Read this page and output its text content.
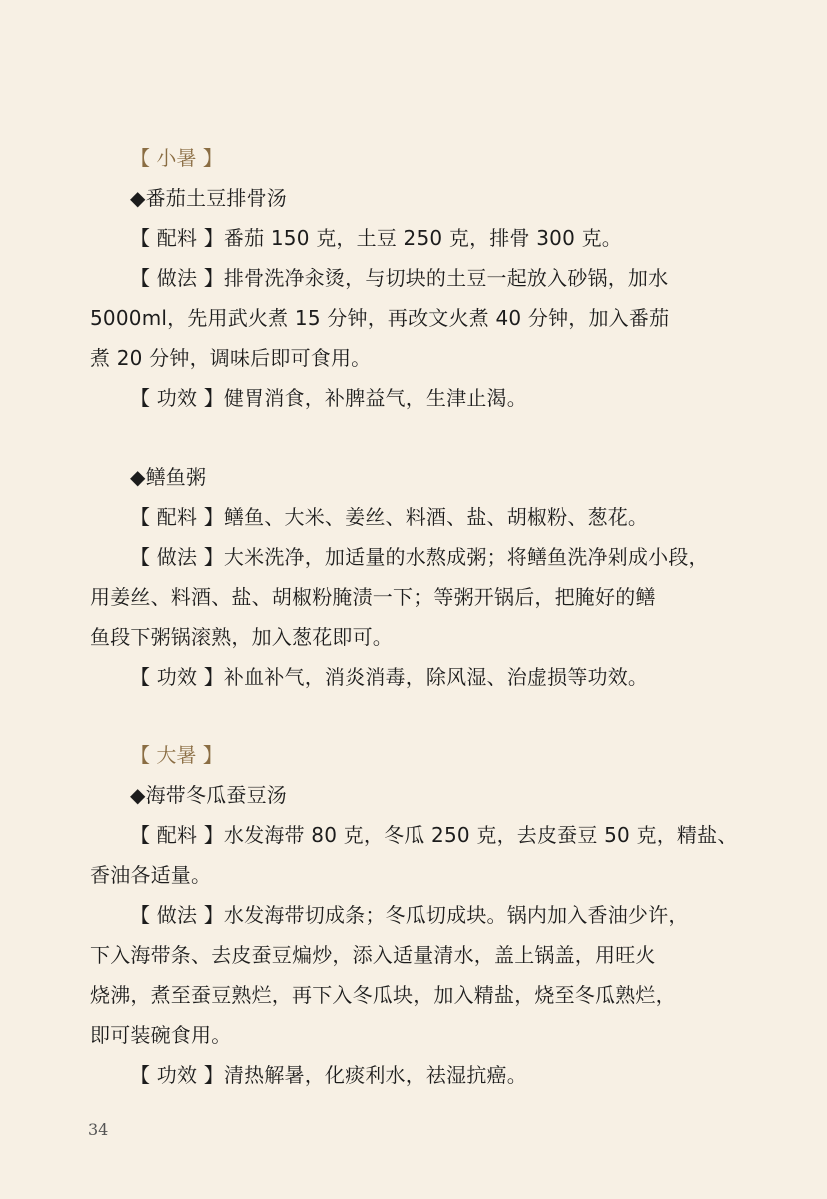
【 小暑 】
◆番茄土豆排骨汤
【 配料 】番茄 150 克，土豆 250 克，排骨 300 克。
【 做法 】排骨洗净汆烫，与切块的土豆一起放入砂锅，加水
5000ml，先用武火煮 15 分钟，再改文火煮 40 分钟，加入番茄
煮 20 分钟，调味后即可食用。
【 功效 】健胃消食，补脾益气，生津止渴。
◆鳝鱼粥
【 配料 】鳝鱼、大米、姜丝、料酒、盐、胡椒粉、葱花。
【 做法 】大米洗净，加适量的水熬成粥；将鳝鱼洗净剁成小段，
用姜丝、料酒、盐、胡椒粉腌渍一下；等粥开锅后，把腌好的鳝
鱼段下粥锅滚熟，加入葱花即可。
【 功效 】补血补气，消炎消毒，除风湿、治虚损等功效。
【 大暑 】
◆海带冬瓜蚕豆汤
【 配料 】水发海带 80 克，冬瓜 250 克，去皮蚕豆 50 克，精盐、
香油各适量。
【 做法 】水发海带切成条；冬瓜切成块。锅内加入香油少许，
下入海带条、去皮蚕豆煸炒，添入适量清水，盖上锅盖，用旺火
烧沸，煮至蚕豆熟烂，再下入冬瓜块，加入精盐，烧至冬瓜熟烂，
即可装碗食用。
【 功效 】清热解暑，化痰利水，祛湿抗癌。
34
